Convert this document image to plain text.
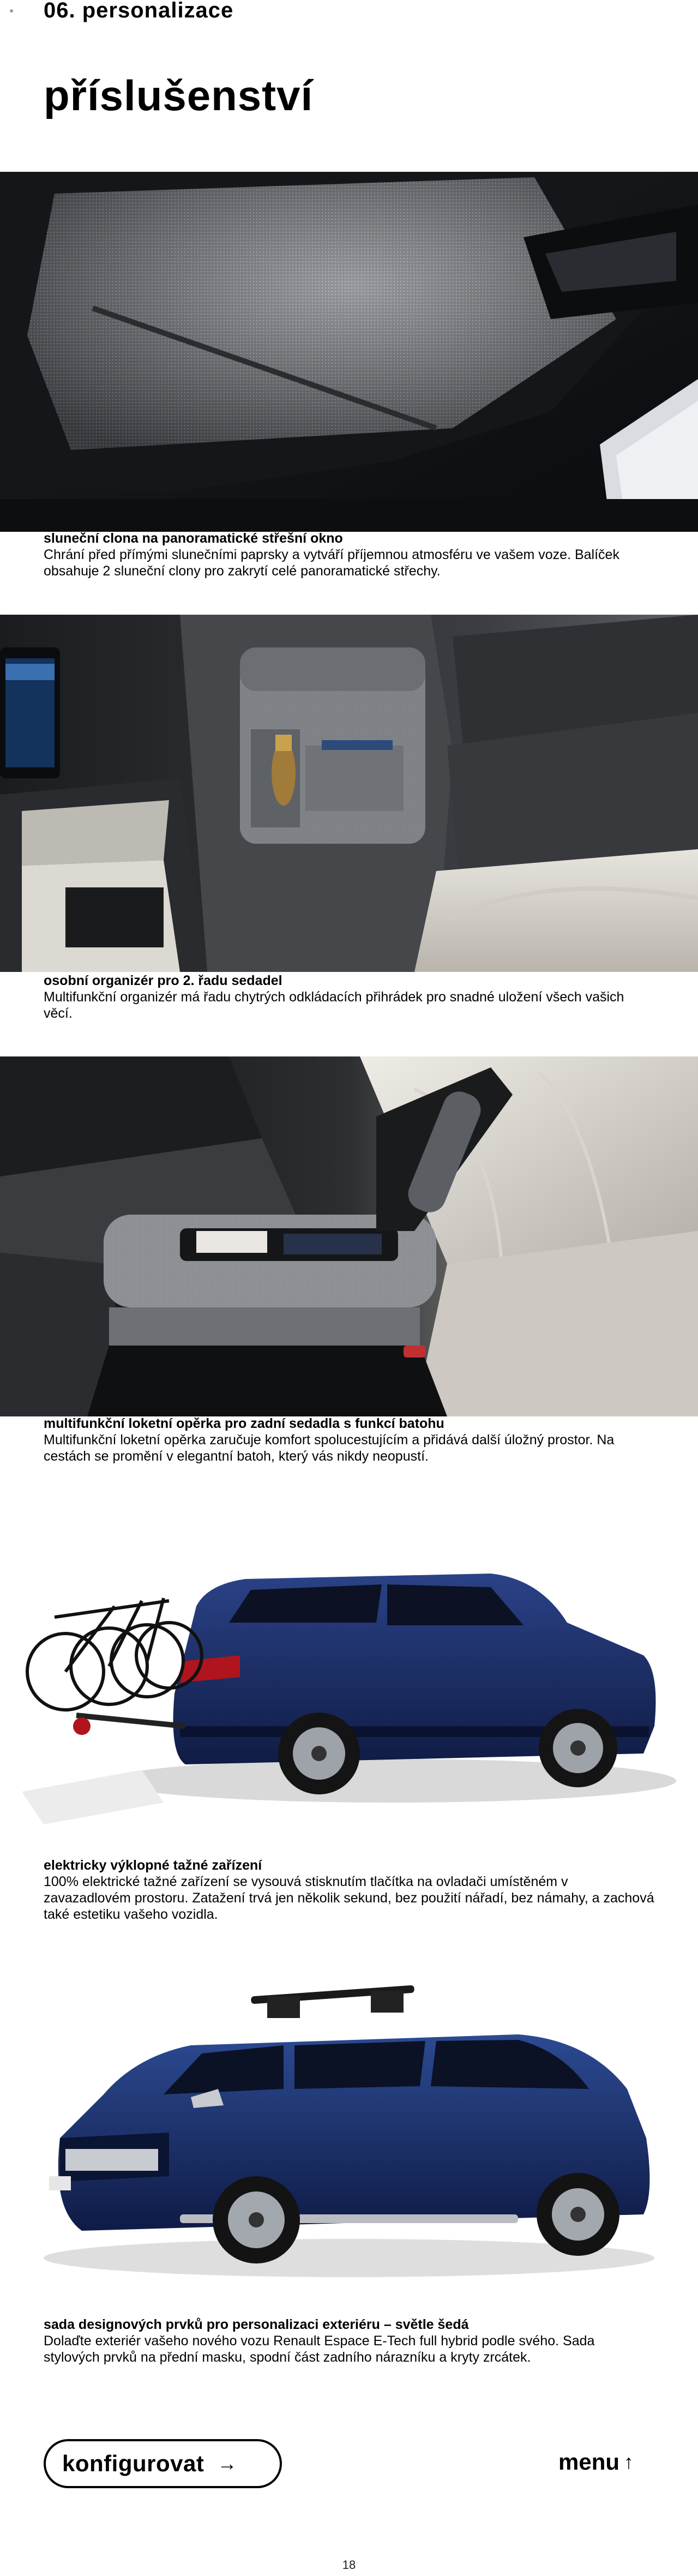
06. personalizace
příslušenství
sluneční clona na panoramatické střešní okno
Chrání před přímými slunečními paprsky a vytváří příjemnou atmosféru ve vašem voze. Balíček obsahuje 2 sluneční clony pro zakrytí celé panoramatické střechy.
osobní organizér pro 2. řadu sedadel
Multifunkční organizér má řadu chytrých odkládacích přihrádek pro snadné uložení všech vašich věcí.
multifunkční loketní opěrka pro zadní sedadla s funkcí batohu
Multifunkční loketní opěrka zaručuje komfort spolucestujícím a přidává další úložný prostor. Na cestách se promění v elegantní batoh, který vás nikdy neopustí.
elektricky výklopné tažné zařízení
100% elektrické tažné zařízení se vysouvá stisknutím tlačítka na ovladači umístěném v zavazadlovém prostoru. Zatažení trvá jen několik sekund, bez použití nářadí, bez námahy, a zachová také estetiku vašeho vozidla.
sada designových prvků pro personalizaci exteriéru – světle šedá
Dolaďte exteriér vašeho nového vozu Renault Espace E-Tech full hybrid podle svého. Sada stylových prvků na přední masku, spodní část zadního nárazníku a kryty zrcátek.
konfigurovat →	menu ↑
18
